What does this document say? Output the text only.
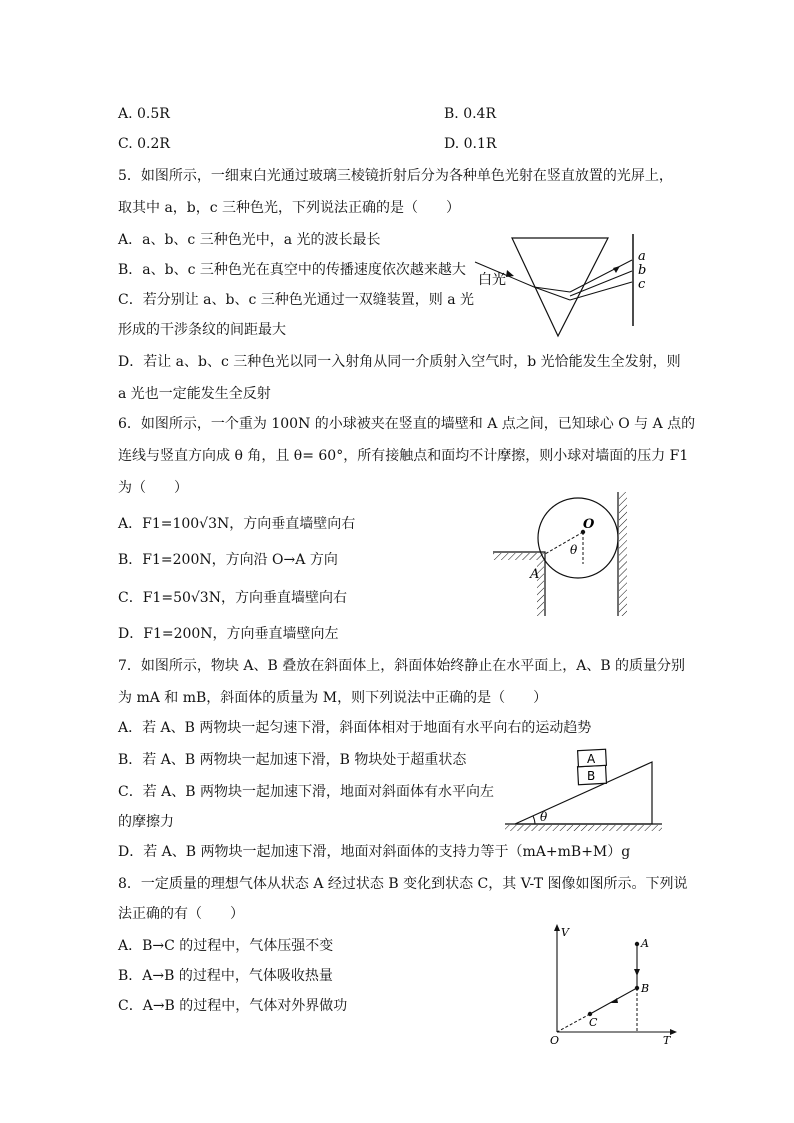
A. 0.5R	B. 0.4R
C. 0.2R	D. 0.1R
5．如图所示，一细束白光通过玻璃三棱镜折射后分为各种单色光射在竖直放置的光屏上，
取其中 a，b，c 三种色光，下列说法正确的是（　　）
A．a、b、c 三种色光中，a 光的波长最长
B．a、b、c 三种色光在真空中的传播速度依次越来越大
C．若分别让 a、b、c 三种色光通过一双缝装置，则 a 光
形成的干涉条纹的间距最大
D．若让 a、b、c 三种色光以同一入射角从同一介质射入空气时，b 光恰能发生全发射，则
a 光也一定能发生全反射
白光
a
b
c
6．如图所示，一个重为 100N 的小球被夹在竖直的墙壁和 A 点之间，已知球心 O 与 A 点的
连线与竖直方向成 θ 角，且 θ= 60°，所有接触点和面均不计摩擦，则小球对墙面的压力 F1
为（　　）
A．F1=100√3N，方向垂直墙壁向右
B．F1=200N，方向沿 O→A 方向
C．F1=50√3N，方向垂直墙壁向右
D．F1=200N，方向垂直墙壁向左
O
θ
A
7．如图所示，物块 A、B 叠放在斜面体上，斜面体始终静止在水平面上，A、B 的质量分别
为 mA 和 mB，斜面体的质量为 M，则下列说法中正确的是（　　）
A．若 A、B 两物块一起匀速下滑，斜面体相对于地面有水平向右的运动趋势
B．若 A、B 两物块一起加速下滑，B 物块处于超重状态
C．若 A、B 两物块一起加速下滑，地面对斜面体有水平向左
的摩擦力
D．若 A、B 两物块一起加速下滑，地面对斜面体的支持力等于（mA+mB+M）g
A
B
θ
8．一定质量的理想气体从状态 A 经过状态 B 变化到状态 C，其 V-T 图像如图所示。下列说
法正确的有（　　）
A．B→C 的过程中，气体压强不变
B．A→B 的过程中，气体吸收热量
C．A→B 的过程中，气体对外界做功
V
T
O
A
B
C
